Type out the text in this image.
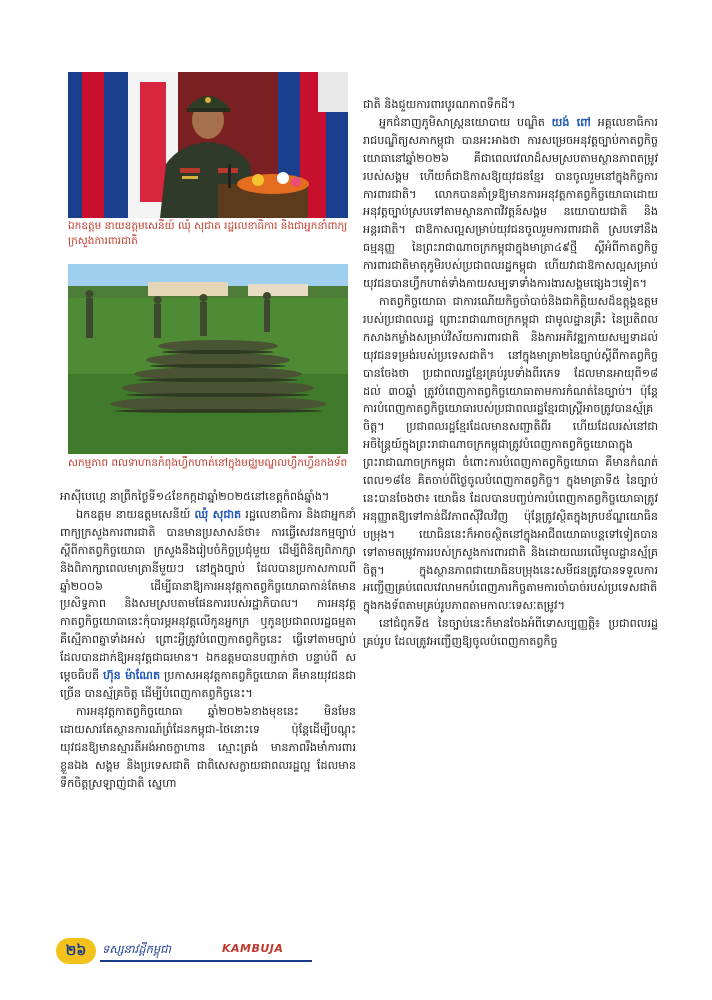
ឯកឧត្តម នាយឧត្តមសេនីយ៍ ឈុំ សុជាត រដ្ឋលេខាធិការ និងជាអ្នកនាំពាក្យក្រសួងការពារជាតិ
សកម្មភាព ពលទាហានកំពុងហ្វឹកហាត់នៅក្នុងមជ្ឈមណ្ឌលហ្វឹកហ្វឺនកងទ័ព

អាស៊ីបេហ្គេ នាព្រឹកថ្ងៃទី១៤ខែកក្កដាឆ្នាំ២០២៥នៅខេត្តកំពង់ឆ្នាំង។

ឯកឧត្តម នាយឧត្តមសេនីយ៍ ឈុំ សុជាត រដ្ឋលេខាធិការ និងជាអ្នកនាំពាក្យក្រសួងការពារជាតិ បានមានប្រសាសន៍ថា៖ ការធ្វើសេវនកម្មច្បាប់ ស្តីពីកាតព្វកិច្ចយោធា ក្រសួងនឹងរៀបចំកិច្ចប្រជុំមួយ ដើម្បីពិនិត្យពិភាក្សា និងពិភាក្សាពេលមាត្រានីមួយៗ នៅក្នុងច្បាប់ ដែលបានប្រកាសកាលពីឆ្នាំ២០០៦ ដើម្បីធានាឱ្យការអនុវត្តកាតព្វកិច្ចយោធាកាន់តែមានប្រសិទ្ធភាព និងសមស្របតាមផែនការរបស់រដ្ឋាភិបាល។ ការអនុវត្តកាតព្វកិច្ចយោធានេះកុំបារម្ភអនុវត្តលើកូនអ្នកក្រ ឬកូនប្រជាពលរដ្ឋធម្មតា គឺស្មើភាពគ្នាទាំងអស់ ព្រោះអ្វីត្រូវបំពេញកាតព្វកិច្ចនេះ ធ្វើទៅតាមច្បាប់ដែលបានដាក់ឱ្យអនុវត្តជាធរមាន។ ឯកឧត្តមបានបញ្ជាក់ថា បន្ទាប់ពី សម្តេចធិបតី ហ៊ុន ម៉ាណែត ប្រកាសអនុវត្តកាតព្វកិច្ចយោធា គឺមានយុវជនជាច្រើន បានស្ម័គ្រចិត្ត ដើម្បីបំពេញកាតព្វកិច្ចនេះ។

ការអនុវត្តកាតព្វកិច្ចយោធា ឆ្នាំ២០២៦ខាងមុខនេះ មិនមែនដោយសារតែស្ថានការណ៍ព្រំដែនកម្ពុជា-ថៃនោះទេ ប៉ុន្តែដើម្បីបណ្តុះយុវជនឱ្យមានស្មារតីអង់អាចក្លាហាន ស្មោះត្រង់ មានភាពរឹងមាំការពារខ្លួនឯង សង្គម និងប្រទេសជាតិ ជាពិសេសក្លាយជាពលរដ្ឋល្អ ដែលមានទឹកចិត្តស្រឡាញ់ជាតិ ស្នេហា

ជាតិ និងជួយការពារបូរណភាពទឹកដី។

អ្នកជំនាញភូមិសាស្ត្រនយោបាយ បណ្ឌិត យង់ ពៅ អគ្គលេខាធិការរាជបណ្ឌិត្យសភាកម្ពុជា បានអះអាងថា ការសម្រេចអនុវត្តច្បាប់កាតព្វកិច្ចយោធានៅឆ្នាំ២០២៦ គឺជាពេលវេលាដ៏សមស្របតាមស្ថានភាពតម្រូវរបស់សង្គម ហើយក៏ជាឱកាសឱ្យយុវជនខ្មែរ បានចូលរួមនៅក្នុងកិច្ចការការពារជាតិ។ លោកបានគាំទ្រឱ្យមានការអនុវត្តកាតព្វកិច្ចយោធាដោយអនុវត្តច្បាប់ស្របទៅតាមស្ថានភាពវិវត្តន៍សង្គម នយោបាយជាតិ និងអន្តរជាតិ។ ជាឱកាសល្អសម្រាប់យុវជនចូលរួមការពារជាតិ ស្របទៅនឹងធម្មនុញ្ញ នៃព្រះរាជាណាចក្រកម្ពុជាក្នុងមាត្រា៤៩ថ្មី ស្តីអំពីកាតព្វកិច្ចការពារជាតិមាតុភូមិរបស់ប្រជាពលរដ្ឋកម្ពុជា ហើយវាជាឱកាសល្អសម្រាប់យុវជនបានហ្វឹកហាត់ទាំងកាយសម្បទាទាំងការងារសង្គមផ្សេងៗទៀត។

កាតព្វកិច្ចយោធា ជាការណើយកិច្ចចាំបាច់និងជាកិត្តិយសដ៏ឧត្តុង្គឧត្តមរបស់ប្រជាពលរដ្ឋ ព្រោះរាជាណាចក្រកម្ពុជា ជាមូលដ្ឋានគ្រឹះ នៃប្រតិពលកសាងកម្លាំងសម្រាប់វិស័យការពារជាតិ និងការអភិវឌ្ឍកាយសម្បទាដល់យុវជនទម្រង់របស់ប្រទេសជាតិ។ នៅក្នុងមាត្រា២នៃច្បាប់ស្តីពីកាតព្វកិច្ចបានចែងថា ប្រជាពលរដ្ឋខ្មែរគ្រប់រូបទាំងពីរភេទ ដែលមានអាយុពី១៨ ដល់ ៣០ឆ្នាំ ត្រូវបំពេញកាតព្វកិច្ចយោធាតាមការកំណត់នៃច្បាប់។ ប៉ុន្តែការបំពេញកាតព្វកិច្ចយោធារបស់ប្រជាពលរដ្ឋខ្មែរជាស្ត្រីអាចត្រូវបានស្ម័គ្រចិត្ត។ ប្រជាពលរដ្ឋខ្មែរដែលមានសញ្ជាតិពីរ ហើយដែលរស់នៅជាអចិន្ត្រៃយ៍ក្នុងព្រះរាជាណាចក្រកម្ពុជាត្រូវបំពេញកាតព្វកិច្ចយោធាក្នុងព្រះរាជាណាចក្រកម្ពុជា ចំពោះការបំពេញកាតព្វកិច្ចយោធា គឺមានកំណត់ពេល១៨ខែ គិតចាប់ពីថ្ងៃចូលបំពេញកាតព្វកិច្ច។ ក្នុងមាត្រាទី៥ នៃច្បាប់នេះបានចែងថា៖ យោធិន ដែលបានបញ្ចប់ការបំពេញកាតព្វកិច្ចយោធាត្រូវអនុញ្ញាតឱ្យទៅកាន់ជីវភាពស៊ីវិលវិញ ប៉ុន្តែត្រូវស្ថិតក្នុងក្របខ័ណ្ឌយោធិនបម្រុង។ យោធិននេះក៏អាចស្ថិតនៅក្នុងអាជីពយោធាបន្តទៅទៀតបាន ទៅតាមតម្រូវការរបស់ក្រសួងការពារជាតិ និងដោយឈរលើមូលដ្ឋានស្ម័គ្រចិត្ត។ ក្នុងស្ថានភាពជាយោធិនបម្រុងនេះសមីជនត្រូវបានទទួលការអញ្ជើញគ្រប់ពេលវេលាមកបំពេញភារកិច្ចតាមការចាំបាច់របស់ប្រទេសជាតិក្នុងកងទ័ពតាមគ្រប់រូបភាពតាមកាលៈទេសៈតម្រូវ។

នៅជំពូកទី៥ នៃច្បាប់នេះក៏មានចែងអំពីទោសប្បញ្ញត្តិ៖ ប្រជាពលរដ្ឋគ្រប់រូប ដែលត្រូវអញ្ជើញឱ្យចូលបំពេញកាតព្វកិច្ច

២៦	ទស្សនាវដ្តីកម្ពុជា	KAMBUJA
